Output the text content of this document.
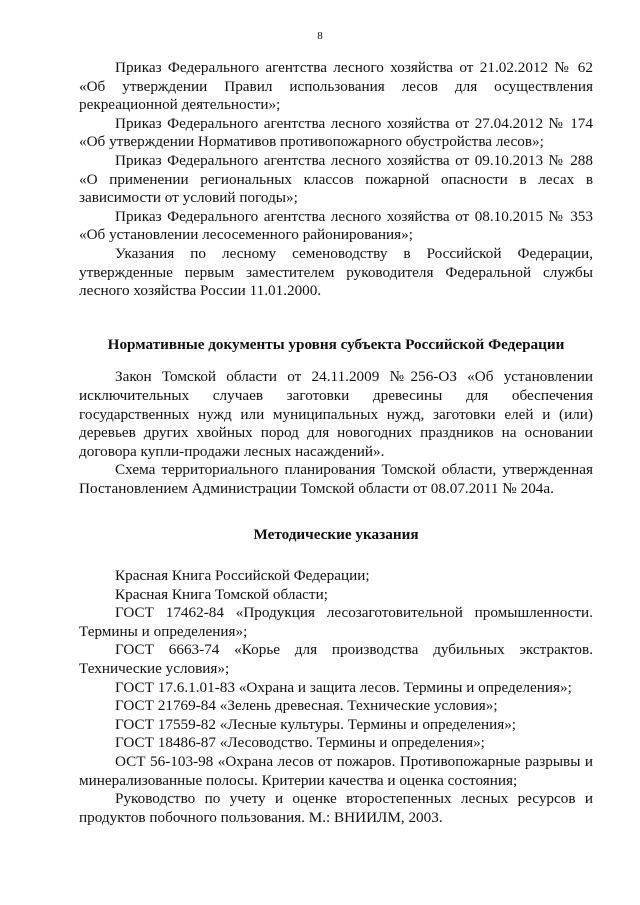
8

Приказ Федерального агентства лесного хозяйства от 21.02.2012 № 62 «Об утверждении Правил использования лесов для осуществления рекреационной деятельности»;

Приказ Федерального агентства лесного хозяйства от 27.04.2012 № 174 «Об утверждении Нормативов противопожарного обустройства лесов»;

Приказ Федерального агентства лесного хозяйства от 09.10.2013 № 288 «О применении региональных классов пожарной опасности в лесах в зависимости от условий погоды»;

Приказ Федерального агентства лесного хозяйства от 08.10.2015 № 353 «Об установлении лесосеменного районирования»;

Указания по лесному семеноводству в Российской Федерации, утвержденные первым заместителем руководителя Федеральной службы лесного хозяйства России 11.01.2000.

Нормативные документы уровня субъекта Российской Федерации

Закон Томской области от 24.11.2009 №256-ОЗ «Об установлении исключительных случаев заготовки древесины для обеспечения государственных нужд или муниципальных нужд, заготовки елей и (или) деревьев других хвойных пород для новогодних праздников на основании договора купли-продажи лесных насаждений».

Схема территориального планирования Томской области, утвержденная Постановлением Администрации Томской области от 08.07.2011 № 204а.

Методические указания

Красная Книга Российской Федерации;

Красная Книга Томской области;

ГОСТ 17462-84 «Продукция лесозаготовительной промышленности. Термины и определения»;

ГОСТ 6663-74 «Корье для производства дубильных экстрактов. Технические условия»;

ГОСТ 17.6.1.01-83 «Охрана и защита лесов. Термины и определения»;

ГОСТ 21769-84 «Зелень древесная. Технические условия»;

ГОСТ 17559-82 «Лесные культуры. Термины и определения»;

ГОСТ 18486-87 «Лесоводство. Термины и определения»;

ОСТ 56-103-98 «Охрана лесов от пожаров. Противопожарные разрывы и минерализованные полосы. Критерии качества и оценка состояния;

Руководство по учету и оценке второстепенных лесных ресурсов и продуктов побочного пользования. М.: ВНИИЛМ, 2003.
